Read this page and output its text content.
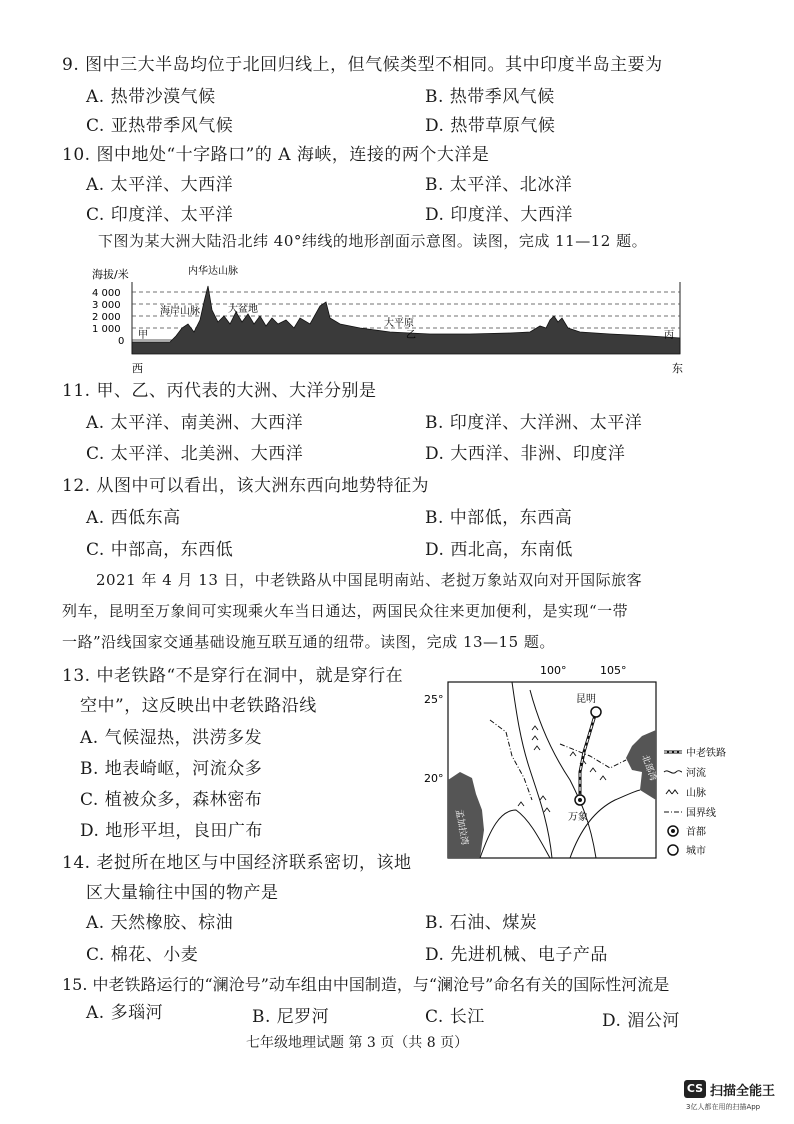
9. 图中三大半岛均位于北回归线上，但气候类型不相同。其中印度半岛主要为
A. 热带沙漠气候	B. 热带季风气候
C. 亚热带季风气候	D. 热带草原气候
10. 图中地处“十字路口”的 A 海峡，连接的两个大洋是
A. 太平洋、大西洋	B. 太平洋、北冰洋
C. 印度洋、太平洋	D. 印度洋、大西洋
下图为某大洲大陆沿北纬 40°纬线的地形剖面示意图。读图，完成 11—12 题。
海拔/米
4 000
3 000
2 000
1 000
0
内华达山脉
海岸山脉	大盆地
大平原
甲	乙	丙
西	东
11. 甲、乙、丙代表的大洲、大洋分别是
A. 太平洋、南美洲、大西洋	B. 印度洋、大洋洲、太平洋
C. 太平洋、北美洲、大西洋	D. 大西洋、非洲、印度洋
12. 从图中可以看出，该大洲东西向地势特征为
A. 西低东高	B. 中部低，东西高
C. 中部高，东西低	D. 西北高，东南低
2021 年 4 月 13 日，中老铁路从中国昆明南站、老挝万象站双向对开国际旅客
列车，昆明至万象间可实现乘火车当日通达，两国民众往来更加便利，是实现“一带
一路”沿线国家交通基础设施互联互通的纽带。读图，完成 13—15 题。
13. 中老铁路“不是穿行在洞中，就是穿行在
空中”，这反映出中老铁路沿线
A. 气候湿热，洪涝多发
B. 地表崎岖，河流众多
C. 植被众多，森林密布
D. 地形平坦，良田广布
100°	105°
25°
20°
昆明
万象
北部湾
孟加拉湾
中老铁路
河流
山脉
国界线
首都
城市
14. 老挝所在地区与中国经济联系密切，该地
区大量输往中国的物产是
A. 天然橡胶、棕油	B. 石油、煤炭
C. 棉花、小麦	D. 先进机械、电子产品
15. 中老铁路运行的“澜沧号”动车组由中国制造，与“澜沧号”命名有关的国际性河流是
A. 多瑙河	B. 尼罗河	C. 长江	D. 湄公河
七年级地理试题 第 3 页（共 8 页）
CS 扫描全能王
3亿人都在用的扫描App
